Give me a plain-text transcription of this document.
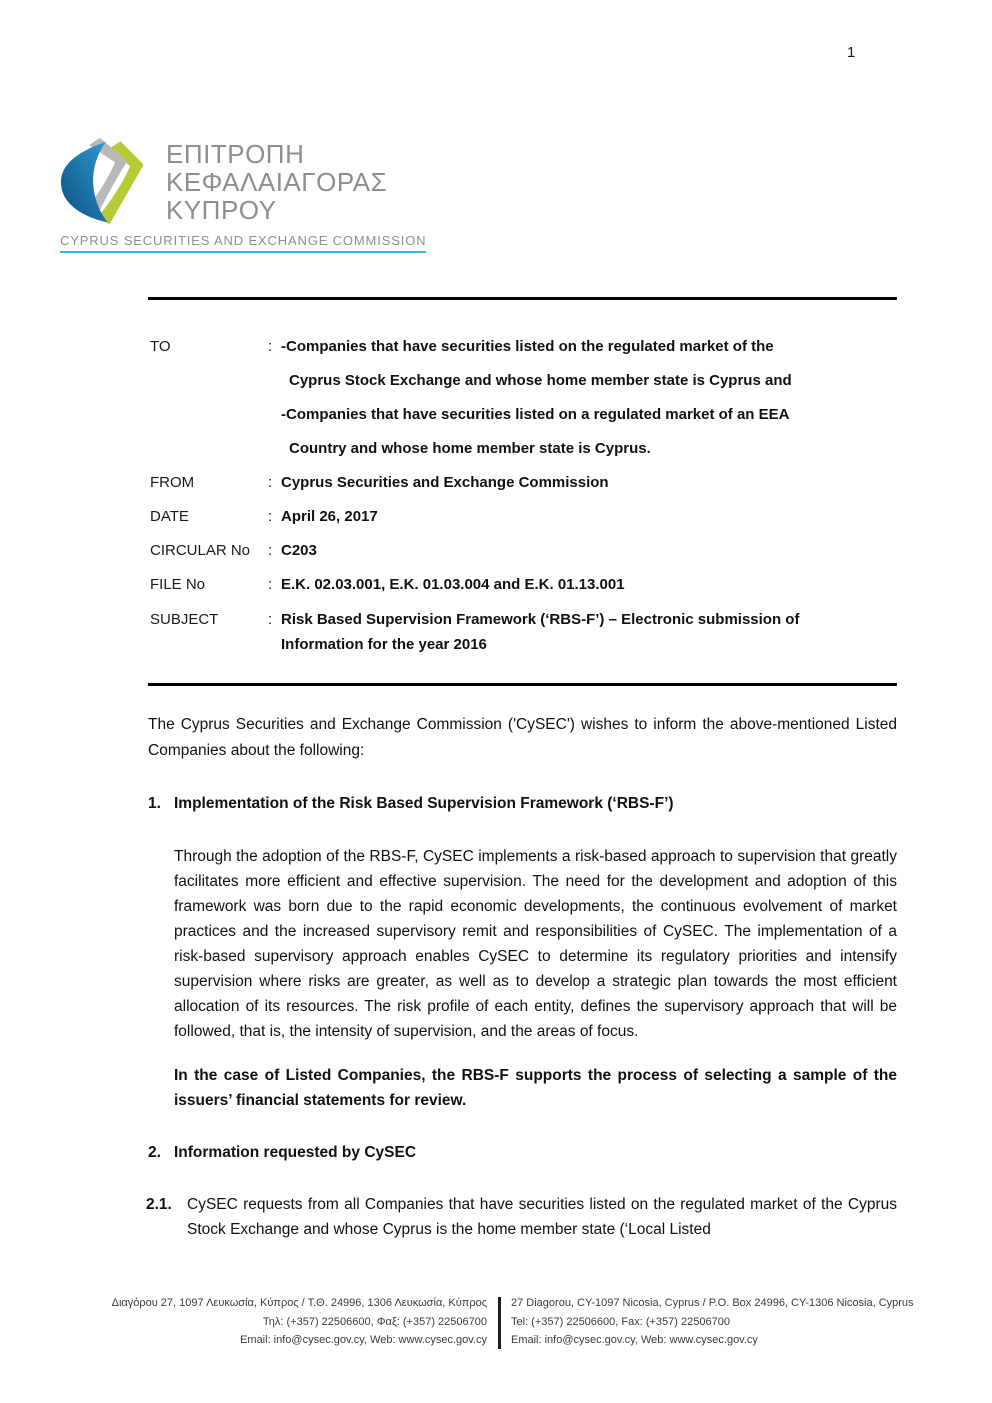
1
ΕΠΙΤΡΟΠΗ
ΚΕΦΑΛΑΙΑΓΟΡΑΣ
ΚΥΠΡΟΥ
CYPRUS SECURITIES AND EXCHANGE COMMISSION
TO	: -Companies that have securities listed on the regulated market of the
Cyprus Stock Exchange and whose home member state is Cyprus and
-Companies that have securities listed on a regulated market of an EEA
Country and whose home member state is Cyprus.
FROM	: Cyprus Securities and Exchange Commission
DATE	: April 26, 2017
CIRCULAR No	: C203
FILE No	: E.K. 02.03.001, E.K. 01.03.004 and E.K. 01.13.001
SUBJECT	: Risk Based Supervision Framework (‘RBS-F’) – Electronic submission of
Information for the year 2016
The Cyprus Securities and Exchange Commission ('CySEC') wishes to inform the above-mentioned Listed Companies about the following:
1. Implementation of the Risk Based Supervision Framework (‘RBS-F’)
Through the adoption of the RBS-F, CySEC implements a risk-based approach to supervision that greatly facilitates more efficient and effective supervision. The need for the development and adoption of this framework was born due to the rapid economic developments, the continuous evolvement of market practices and the increased supervisory remit and responsibilities of CySEC. The implementation of a risk-based supervisory approach enables CySEC to determine its regulatory priorities and intensify supervision where risks are greater, as well as to develop a strategic plan towards the most efficient allocation of its resources. The risk profile of each entity, defines the supervisory approach that will be followed, that is, the intensity of supervision, and the areas of focus.
In the case of Listed Companies, the RBS-F supports the process of selecting a sample of the issuers’ financial statements for review.
2. Information requested by CySEC
2.1. CySEC requests from all Companies that have securities listed on the regulated market of the Cyprus Stock Exchange and whose Cyprus is the home member state (‘Local Listed
Διαγόρου 27, 1097 Λευκωσία, Κύπρος / Τ.Θ. 24996, 1306 Λευκωσία, Κύπρος
Τηλ: (+357) 22506600, Φαξ: (+357) 22506700
Email: info@cysec.gov.cy, Web: www.cysec.gov.cy
27 Diagorou, CY-1097 Nicosia, Cyprus / P.O. Box 24996, CY-1306 Nicosia, Cyprus
Tel: (+357) 22506600, Fax: (+357) 22506700
Email: info@cysec.gov.cy, Web: www.cysec.gov.cy
